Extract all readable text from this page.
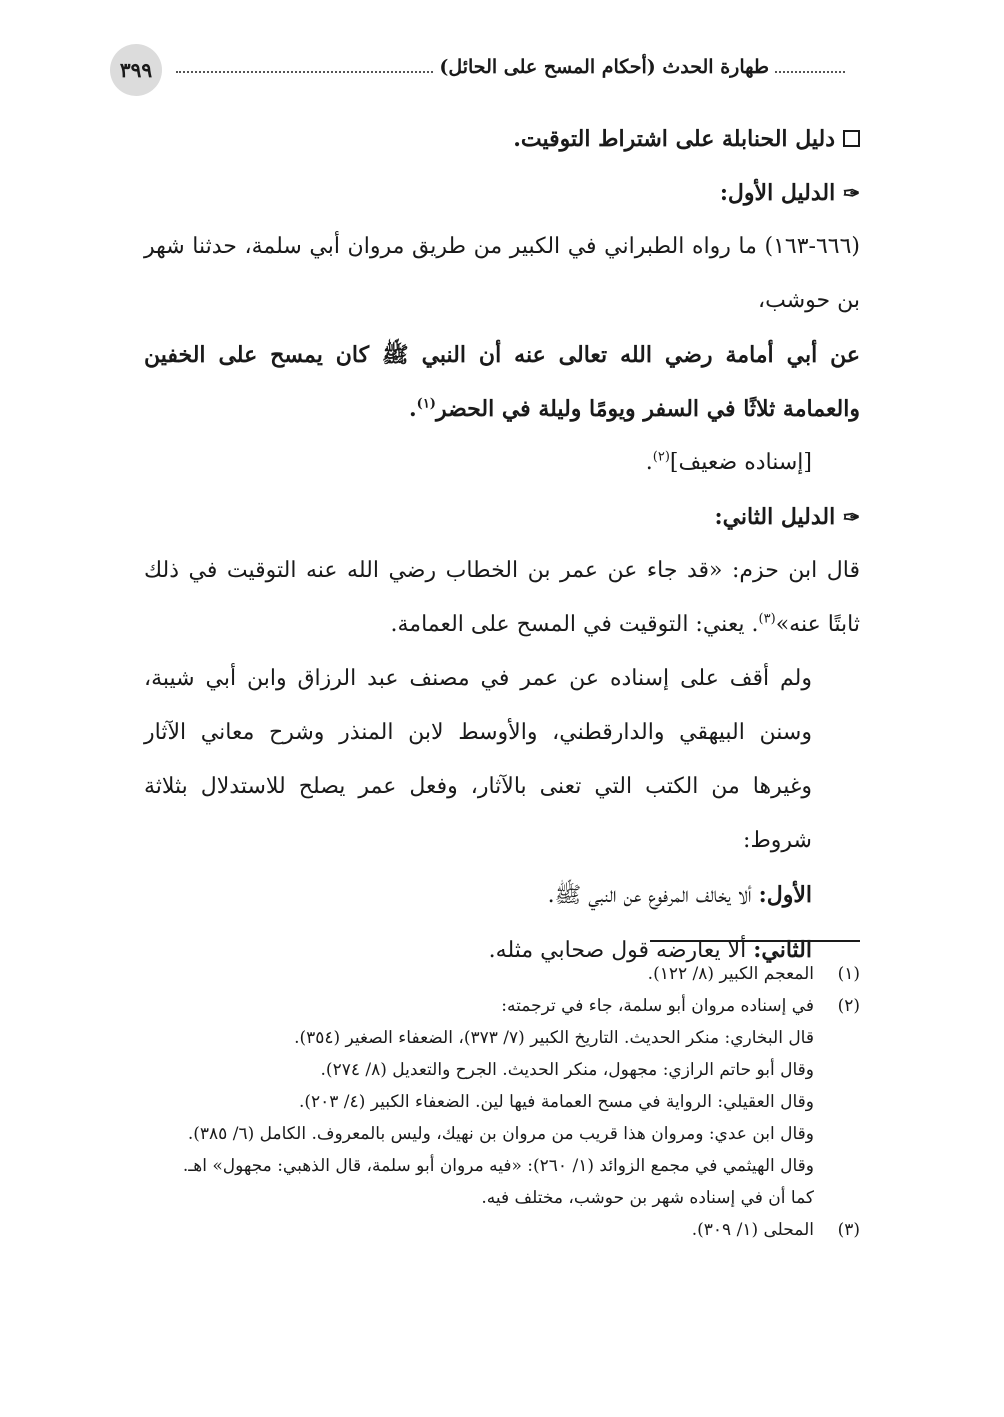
٣٩٩	طهارة الحدث (أحكام المسح على الحائل)

دليل الحنابلة على اشتراط التوقيت.

✑الدليل الأول:

(٦٦٦-١٦٣) ما رواه الطبراني في الكبير من طريق مروان أبي سلمة، حدثنا شهر بن حوشب،

عن أبي أمامة رضي الله تعالى عنه أن النبي ﷺ كان يمسح على الخفين والعمامة ثلاثًا في السفر ويومًا وليلة في الحضر$^{(١)}$.

[إسناده ضعيف]$^{(٢)}$.

✑الدليل الثاني:

قال ابن حزم: «قد جاء عن عمر بن الخطاب رضي الله عنه التوقيت في ذلك ثابتًا عنه»$^{(٣)}$. يعني: التوقيت في المسح على العمامة.

ولم أقف على إسناده عن عمر في مصنف عبد الرزاق وابن أبي شيبة، وسنن البيهقي والدارقطني، والأوسط لابن المنذر وشرح معاني الآثار وغيرها من الكتب التي تعنى بالآثار، وفعل عمر يصلح للاستدلال بثلاثة شروط:

الأول: ألا يخالف المرفوع عن النبي ﷺ.

الثاني: ألا يعارضه قول صحابي مثله.

(١)
المعجم الكبير (٨/ ١٢٢).
(٢)
في إسناده مروان أبو سلمة، جاء في ترجمته:
قال البخاري: منكر الحديث. التاريخ الكبير (٧/ ٣٧٣)، الضعفاء الصغير (٣٥٤).
وقال أبو حاتم الرازي: مجهول، منكر الحديث. الجرح والتعديل (٨/ ٢٧٤).
وقال العقيلي: الرواية في مسح العمامة فيها لين. الضعفاء الكبير (٤/ ٢٠٣).
وقال ابن عدي: ومروان هذا قريب من مروان بن نهيك، وليس بالمعروف. الكامل (٦/ ٣٨٥).
وقال الهيثمي في مجمع الزوائد (١/ ٢٦٠): «فيه مروان أبو سلمة، قال الذهبي: مجهول» اهـ.
كما أن في إسناده شهر بن حوشب، مختلف فيه.
(٣)
المحلى (١/ ٣٠٩).
